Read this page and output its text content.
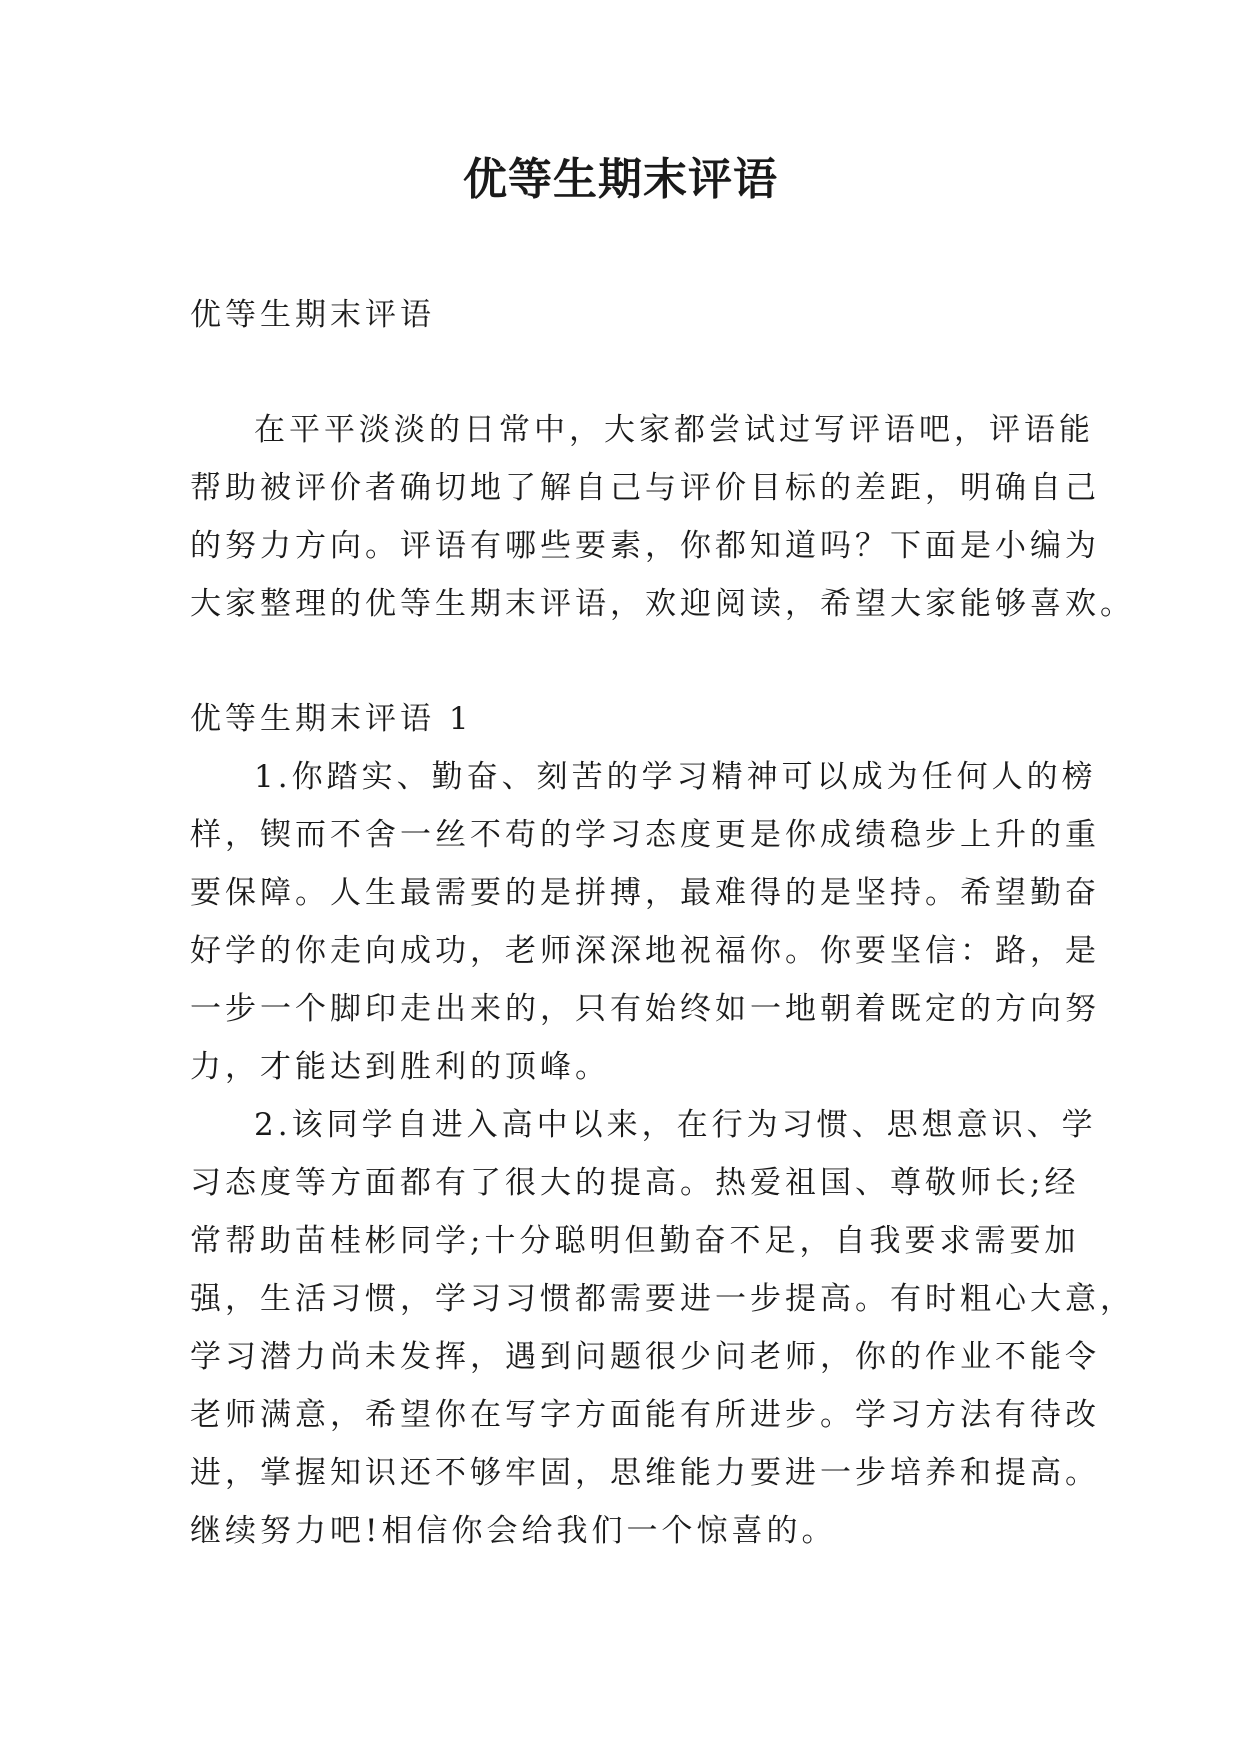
优等生期末评语

优等生期末评语

在平平淡淡的日常中，大家都尝试过写评语吧，评语能

帮助被评价者确切地了解自己与评价目标的差距，明确自己

的努力方向。评语有哪些要素，你都知道吗？下面是小编为

大家整理的优等生期末评语，欢迎阅读，希望大家能够喜欢。

优等生期末评语 1

1.你踏实、勤奋、刻苦的学习精神可以成为任何人的榜

样，锲而不舍一丝不苟的学习态度更是你成绩稳步上升的重

要保障。人生最需要的是拼搏，最难得的是坚持。希望勤奋

好学的你走向成功，老师深深地祝福你。你要坚信：路，是

一步一个脚印走出来的，只有始终如一地朝着既定的方向努

力，才能达到胜利的顶峰。

2.该同学自进入高中以来，在行为习惯、思想意识、学

习态度等方面都有了很大的提高。热爱祖国、尊敬师长;经

常帮助苗桂彬同学;十分聪明但勤奋不足，自我要求需要加

强，生活习惯，学习习惯都需要进一步提高。有时粗心大意，

学习潜力尚未发挥，遇到问题很少问老师，你的作业不能令

老师满意，希望你在写字方面能有所进步。学习方法有待改

进，掌握知识还不够牢固，思维能力要进一步培养和提高。

继续努力吧!相信你会给我们一个惊喜的。
